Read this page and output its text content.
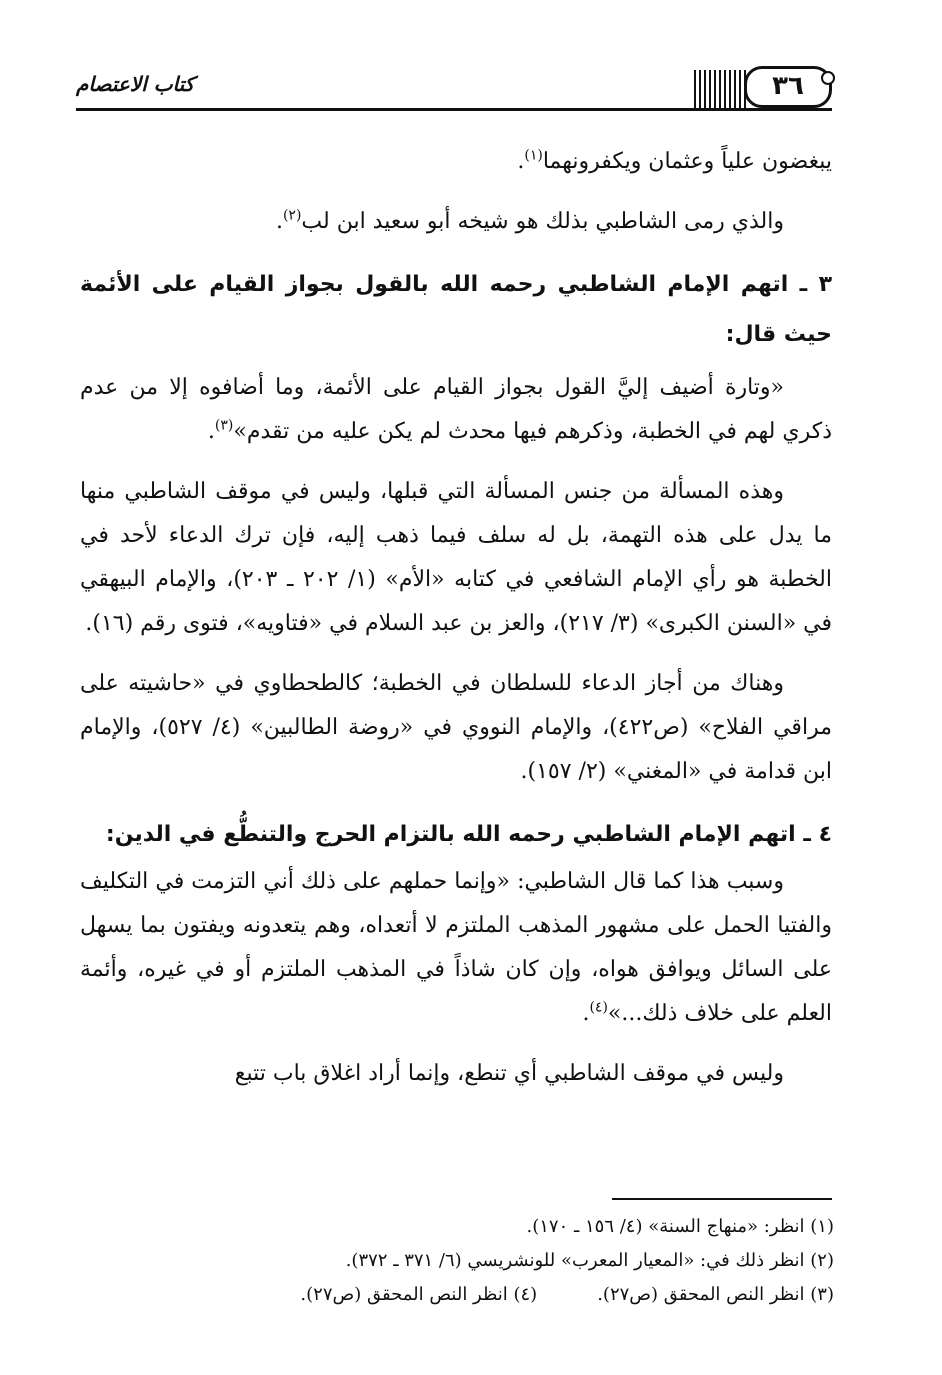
٣٦
كتاب الاعتصام

يبغضون علياً وعثمان ويكفرونهما$^{(١)}$.

والذي رمى الشاطبي بذلك هو شيخه أبو سعيد ابن لب$^{(٢)}$.

٣ ـ اتهم الإمام الشاطبي رحمه الله بالقول بجواز القيام على الأئمة حيث قال:

«وتارة أضيف إليَّ القول بجواز القيام على الأئمة، وما أضافوه إلا من عدم ذكري لهم في الخطبة، وذكرهم فيها محدث لم يكن عليه من تقدم»$^{(٣)}$.

وهذه المسألة من جنس المسألة التي قبلها، وليس في موقف الشاطبي منها ما يدل على هذه التهمة، بل له سلف فيما ذهب إليه، فإن ترك الدعاء لأحد في الخطبة هو رأي الإمام الشافعي في كتابه «الأم» (١/ ٢٠٢ ـ ٢٠٣)، والإمام البيهقي في «السنن الكبرى» (٣/ ٢١٧)، والعز بن عبد السلام في «فتاويه»، فتوى رقم (١٦).

وهناك من أجاز الدعاء للسلطان في الخطبة؛ كالطحطاوي في «حاشيته على مراقي الفلاح» (ص٤٢٢)، والإمام النووي في «روضة الطالبين» (٤/ ٥٢٧)، والإمام ابن قدامة في «المغني» (٢/ ١٥٧).

٤ ـ اتهم الإمام الشاطبي رحمه الله بالتزام الحرج والتنطُّع في الدين:

وسبب هذا كما قال الشاطبي: «وإنما حملهم على ذلك أني التزمت في التكليف والفتيا الحمل على مشهور المذهب الملتزم لا أتعداه، وهم يتعدونه ويفتون بما يسهل على السائل ويوافق هواه، وإن كان شاذاً في المذهب الملتزم أو في غيره، وأئمة العلم على خلاف ذلك...»$^{(٤)}$.

وليس في موقف الشاطبي أي تنطع، وإنما أراد اغلاق باب تتبع

(١) انظر: «منهاج السنة» (٤/ ١٥٦ ـ ١٧٠).
(٢) انظر ذلك في: «المعيار المعرب» للونشريسي (٦/ ٣٧١ ـ ٣٧٢).
(٣) انظر النص المحقق (ص٢٧).
(٤) انظر النص المحقق (ص٢٧).
